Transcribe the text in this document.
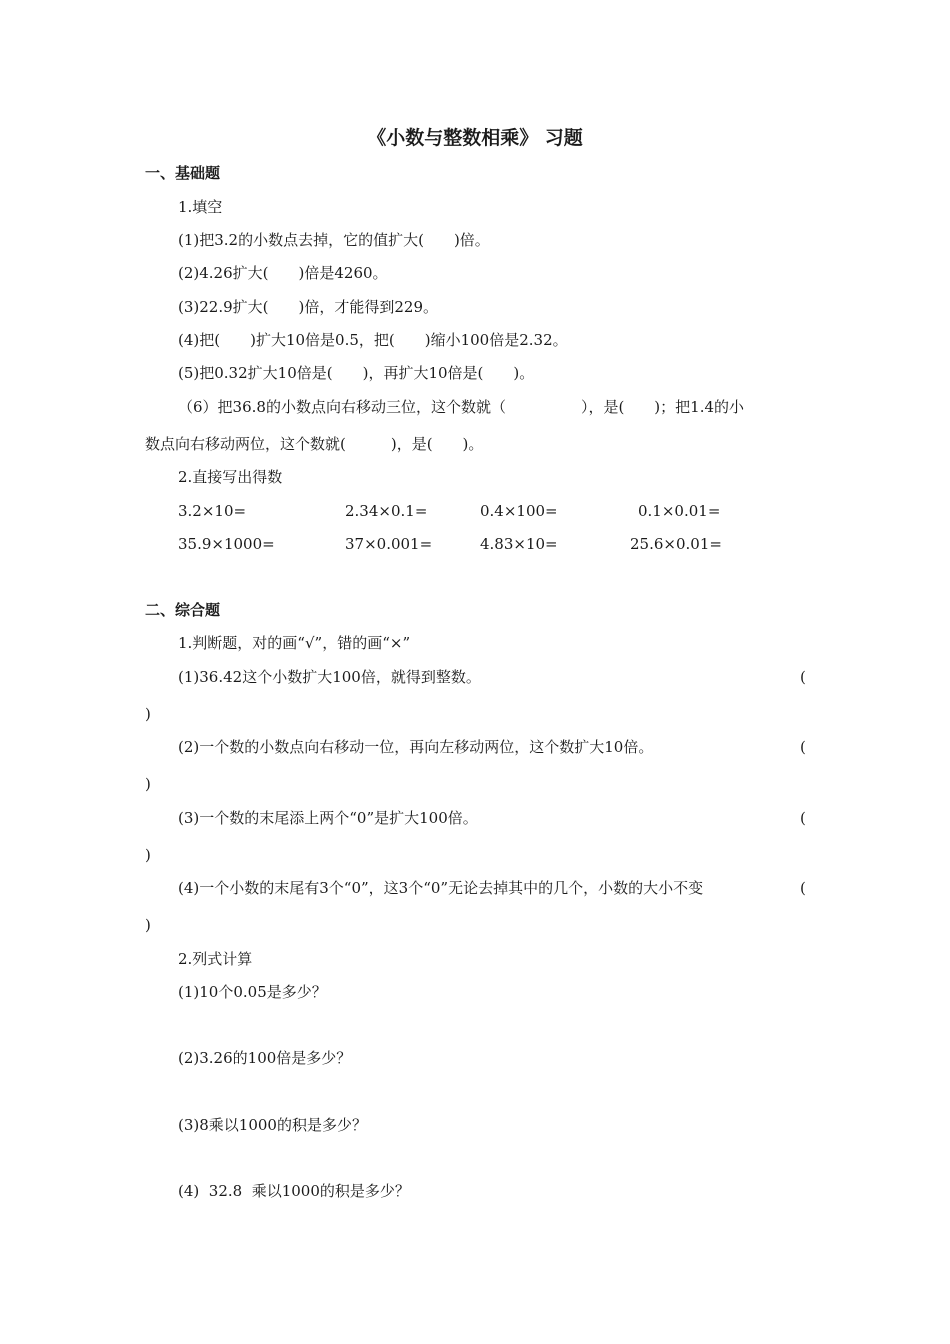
《小数与整数相乘》 习题
一、基础题
1.填空
(1)把3.2的小数点去掉，它的值扩大(　　)倍。
(2)4.26扩大(　　)倍是4260。
(3)22.9扩大(　　)倍，才能得到229。
(4)把(　　)扩大10倍是0.5，把(　　)缩小100倍是2.32。
(5)把0.32扩大10倍是(　　)，再扩大10倍是(　　)。
（6）把36.8的小数点向右移动三位，这个数就（　　　　　），是(　　)；把1.4的小
数点向右移动两位，这个数就(　　　)，是(　　)。
2.直接写出得数
3.2×10=	2.34×0.1=	0.4×100=	0.1×0.01=
35.9×1000=	37×0.001=	4.83×10=	25.6×0.01=
二、综合题
1.判断题，对的画“√”，错的画“×”
(1)36.42这个小数扩大100倍，就得到整数。	(
)
(2)一个数的小数点向右移动一位，再向左移动两位，这个数扩大10倍。	(
)
(3)一个数的末尾添上两个“0”是扩大100倍。	(
)
(4)一个小数的末尾有3个“0”，这3个“0”无论去掉其中的几个，小数的大小不变	(
)
2.列式计算
(1)10个0.05是多少？
(2)3.26的100倍是多少？
(3)8乘以1000的积是多少？
(4)  32.8  乘以1000的积是多少？
